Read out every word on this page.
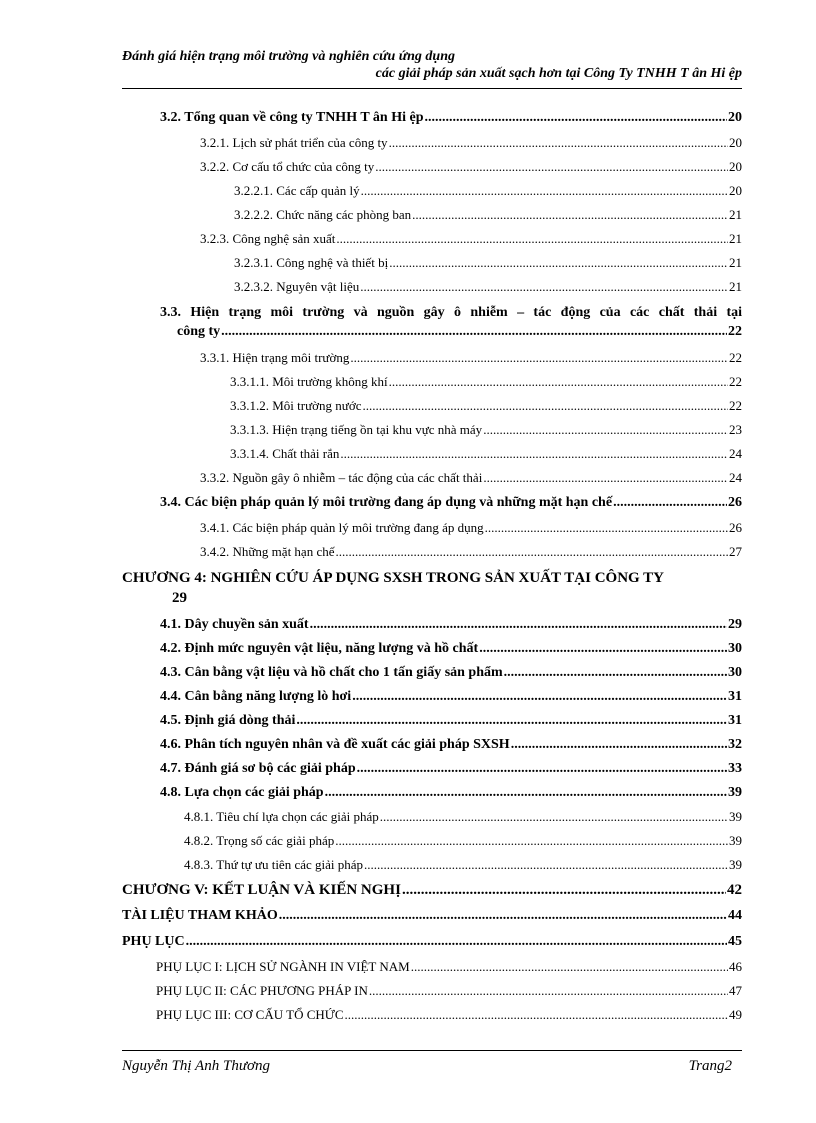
Đánh giá hiện trạng môi trường và nghiên cứu ứng dụng
các giải pháp sản xuất sạch hơn tại Công Ty TNHH T ân Hi ệp
3.2. Tổng quan về công ty TNHH T ân Hi ệp .....	20
3.2.1. Lịch sử phát triển của công ty .....	20
3.2.2. Cơ cấu tổ chức của công ty .....	20
3.2.2.1. Các cấp quản lý .....	20
3.2.2.2. Chức năng các phòng ban .....	21
3.2.3. Công nghệ sản xuất .....	21
3.2.3.1. Công nghệ và thiết bị .....	21
3.2.3.2. Nguyên vật liệu .....	21
3.3. Hiện trạng môi trường và nguồn gây ô nhiễm – tác động của các chất thải tại
công ty .....	22
3.3.1. Hiện trạng môi trường .....	22
3.3.1.1. Môi trường không khí .....	22
3.3.1.2. Môi trường nước .....	22
3.3.1.3. Hiện trạng tiếng ồn tại khu vực nhà máy .....	23
3.3.1.4. Chất thải rắn .....	24
3.3.2. Nguồn gây ô nhiễm – tác động của các chất thải .....	24
3.4. Các biện pháp quản lý môi trường đang áp dụng và những mặt hạn chế .....	26
3.4.1. Các biện pháp quản lý môi trường đang áp dụng .....	26
3.4.2. Những mặt hạn chế .....	27
CHƯƠNG 4: NGHIÊN CỨU ÁP DỤNG SXSH TRONG SẢN XUẤT TẠI CÔNG TY
29
4.1. Dây chuyền sản xuất .....	29
4.2. Định mức nguyên vật liệu, năng lượng và hồ chất .....	30
4.3. Cân bằng vật liệu và hồ chất cho 1 tấn giấy sản phẩm .....	30
4.4. Cân bằng năng lượng lò hơi .....	31
4.5. Định giá dòng thải .....	31
4.6. Phân tích nguyên nhân và đề xuất các giải pháp SXSH .....	32
4.7. Đánh giá sơ bộ các giải pháp .....	33
4.8. Lựa chọn các giải pháp .....	39
4.8.1. Tiêu chí lựa chọn các giải pháp .....	39
4.8.2. Trọng số các giải pháp .....	39
4.8.3. Thứ tự ưu tiên các giải pháp .....	39
CHƯƠNG V: KẾT LUẬN VÀ KIẾN NGHỊ .....	42
TÀI LIỆU THAM KHẢO .....	44
PHỤ LỤC .....	45
PHỤ LỤC I: LỊCH SỬ NGÀNH IN VIỆT NAM .....	46
PHỤ LỤC II: CÁC PHƯƠNG PHÁP IN .....	47
PHỤ LỤC III: CƠ CẤU TỔ CHỨC .....	49
Nguyễn Thị Anh Thương	Trang2
